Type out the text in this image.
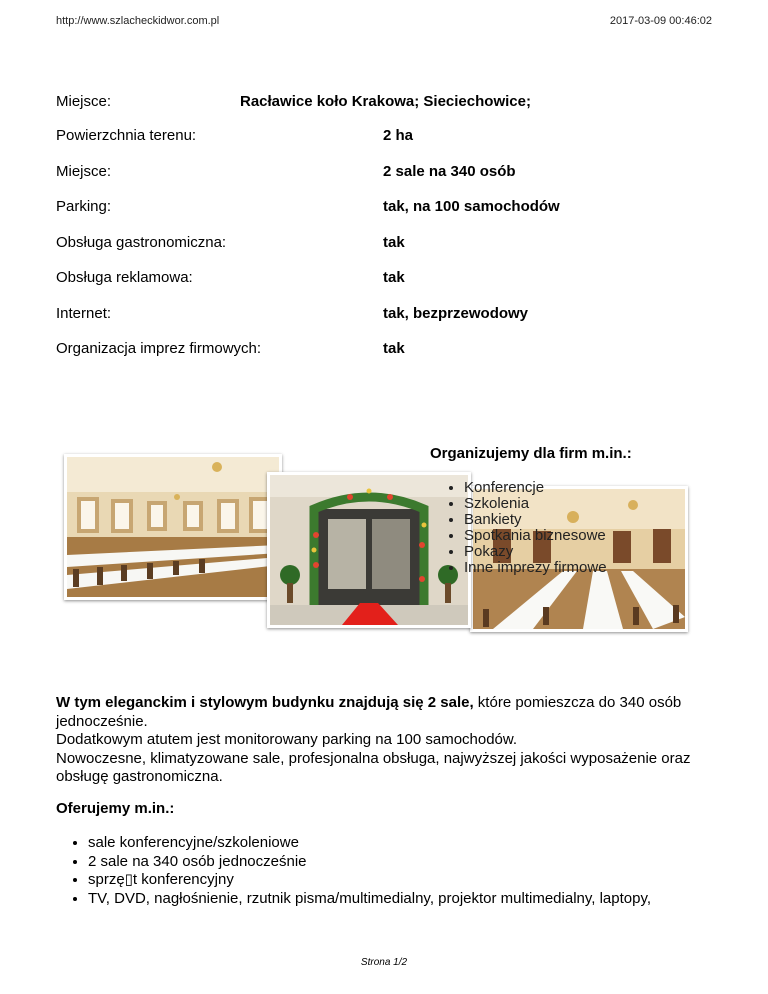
http://www.szlacheckidwor.com.pl	2017-03-09 00:46:02
Miejsce:	Racławice koło Krakowa; Sieciechowice;
Powierzchnia terenu:	2 ha
Miejsce:	2 sale na 340 osób
Parking:	tak, na 100 samochodów
Obsługa gastronomiczna:	tak
Obsługa reklamowa:	tak
Internet:	tak, bezprzewodowy
Organizacja imprez firmowych:	tak
Organizujemy dla firm m.in.:
• Konferencje
• Szkolenia
• Bankiety
• Spotkania biznesowe
• Pokazy
• Inne imprezy firmowe
W tym eleganckim i stylowym budynku znajdują się 2 sale, które pomieszcza do 340 osób jednocześnie.
Dodatkowym atutem jest monitorowany parking na 100 samochodów.
Nowoczesne, klimatyzowane sale, profesjonalna obsługa, najwyższej jakości wyposażenie oraz obsługę gastronomiczna.
Oferujemy m.in.:
• sale konferencyjne/szkoleniowe
• 2 sale na 340 osób jednocześnie
• sprzę▯t konferencyjny
• TV, DVD, nagłośnienie, rzutnik pisma/multimedialny, projektor multimedialny, laptopy,
Strona 1/2
